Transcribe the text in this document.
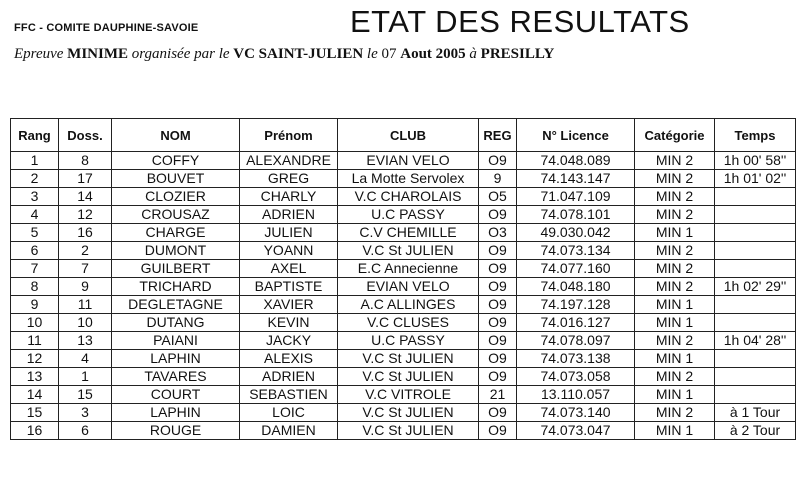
FFC - COMITE DAUPHINE-SAVOIE	ETAT DES RESULTATS
Epreuve MINIME organisée par le VC SAINT-JULIEN le 07 Aout 2005 à PRESILLY
Rang	Doss.	NOM	Prénom	CLUB	REG	N° Licence	Catégorie	Temps
1	8	COFFY	ALEXANDRE	EVIAN VELO	O9	74.048.089	MIN 2	1h 00' 58''
2	17	BOUVET	GREG	La Motte Servolex	9	74.143.147	MIN 2	1h 01' 02''
3	14	CLOZIER	CHARLY	V.C CHAROLAIS	O5	71.047.109	MIN 2	
4	12	CROUSAZ	ADRIEN	U.C PASSY	O9	74.078.101	MIN 2	
5	16	CHARGE	JULIEN	C.V CHEMILLE	O3	49.030.042	MIN 1	
6	2	DUMONT	YOANN	V.C St JULIEN	O9	74.073.134	MIN 2	
7	7	GUILBERT	AXEL	E.C Annecienne	O9	74.077.160	MIN 2	
8	9	TRICHARD	BAPTISTE	EVIAN VELO	O9	74.048.180	MIN 2	1h 02' 29''
9	11	DEGLETAGNE	XAVIER	A.C ALLINGES	O9	74.197.128	MIN 1	
10	10	DUTANG	KEVIN	V.C CLUSES	O9	74.016.127	MIN 1	
11	13	PAIANI	JACKY	U.C PASSY	O9	74.078.097	MIN 2	1h 04' 28''
12	4	LAPHIN	ALEXIS	V.C St JULIEN	O9	74.073.138	MIN 1	
13	1	TAVARES	ADRIEN	V.C St JULIEN	O9	74.073.058	MIN 2	
14	15	COURT	SEBASTIEN	V.C VITROLE	21	13.110.057	MIN 1	
15	3	LAPHIN	LOIC	V.C St JULIEN	O9	74.073.140	MIN 2	à 1 Tour
16	6	ROUGE	DAMIEN	V.C St JULIEN	O9	74.073.047	MIN 1	à 2 Tour
